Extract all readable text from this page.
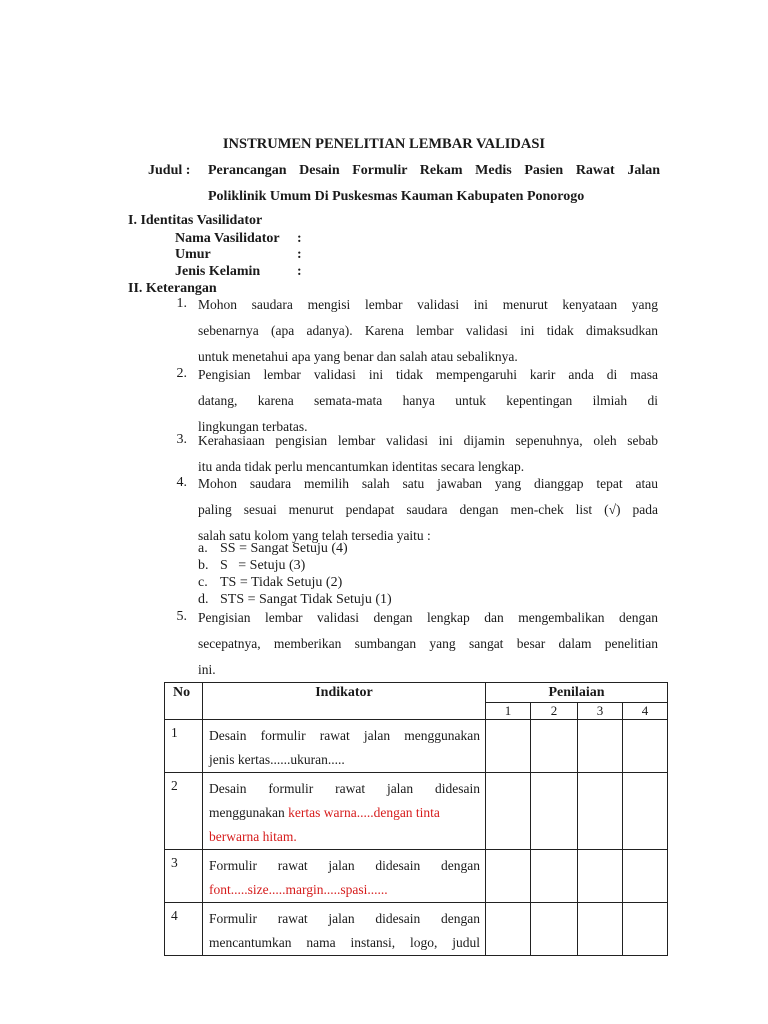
INSTRUMEN PENELITIAN LEMBAR VALIDASI
Judul : Perancangan Desain Formulir Rekam Medis Pasien Rawat Jalan
Poliklinik Umum Di Puskesmas Kauman Kabupaten Ponorogo
I. Identitas Vasilidator
Nama Vasilidator	:
Umur	:
Jenis Kelamin	:
II. Keterangan
1. Mohon saudara mengisi lembar validasi ini menurut kenyataan yang
sebenarnya (apa adanya). Karena lembar validasi ini tidak dimaksudkan
untuk menetahui apa yang benar dan salah atau sebaliknya.
2. Pengisian lembar validasi ini tidak mempengaruhi karir anda di masa
datang, karena semata-mata hanya untuk kepentingan ilmiah di
lingkungan terbatas.
3. Kerahasiaan pengisian lembar validasi ini dijamin sepenuhnya, oleh sebab
itu anda tidak perlu mencantumkan identitas secara lengkap.
4. Mohon saudara memilih salah satu jawaban yang dianggap tepat atau
paling sesuai menurut pendapat saudara dengan men-chek list (√) pada
salah satu kolom yang telah tersedia yaitu :
a. SS = Sangat Setuju (4)
b. S   = Setuju (3)
c. TS = Tidak Setuju (2)
d. STS = Sangat Tidak Setuju (1)
5. Pengisian lembar validasi dengan lengkap dan mengembalikan dengan
secepatnya, memberikan sumbangan yang sangat besar dalam penelitian
ini.
No	Indikator	Penilaian			
		1	2	3	4
1	Desain formulir rawat jalan menggunakan
jenis kertas......ukuran.....				

2	Desain formulir rawat jalan didesain
menggunakan kertas warna.....dengan tinta
berwarna hitam.				

3	Formulir rawat jalan didesain dengan
font.....size.....margin.....spasi......				

4	Formulir rawat jalan didesain dengan
mencantumkan nama instansi, logo, judul				
